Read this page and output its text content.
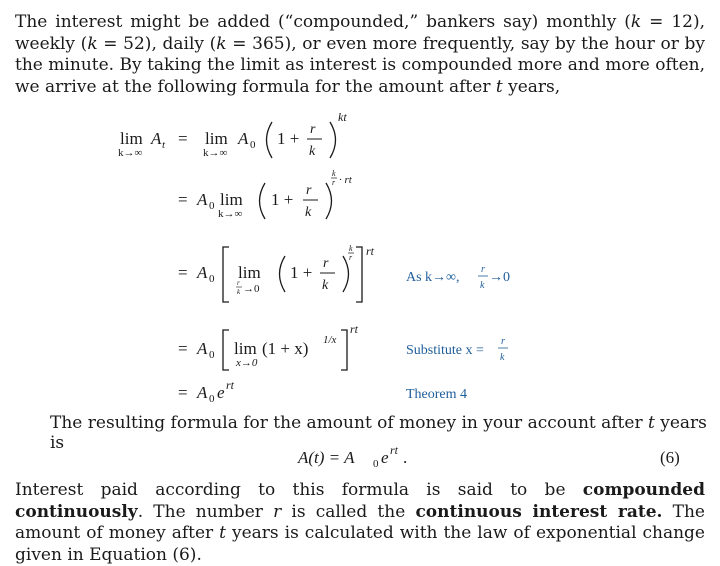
The interest might be added (“compounded,” bankers say) monthly (k = 12), weekly (k = 52), daily (k = 365), or even more frequently, say by the hour or by the minute. By taking the limit as interest is compounded more and more often, we arrive at the following formula for the amount after t years,

lim
k→∞
A t = lim
k→∞
A 0 1 + r
k
kt
= A 0 lim
k→∞
1 + r
k
k
r · rt
= A 0 lim
r
k →0
1 + r
k
k
r rt
= A 0 lim
x→0
(1 + x) 1/x
rt
= A 0 e rt
As k→∞,
r
k
→0
Substitute x =
r
k
Theorem 4
A(t) = A 0 e rt .	(6)

The resulting formula for the amount of money in your account after t years is

Interest paid according to this formula is said to be compounded continuously. The number r is called the continuous interest rate. The amount of money after t years is calculated with the law of exponential change given in Equation (6).
